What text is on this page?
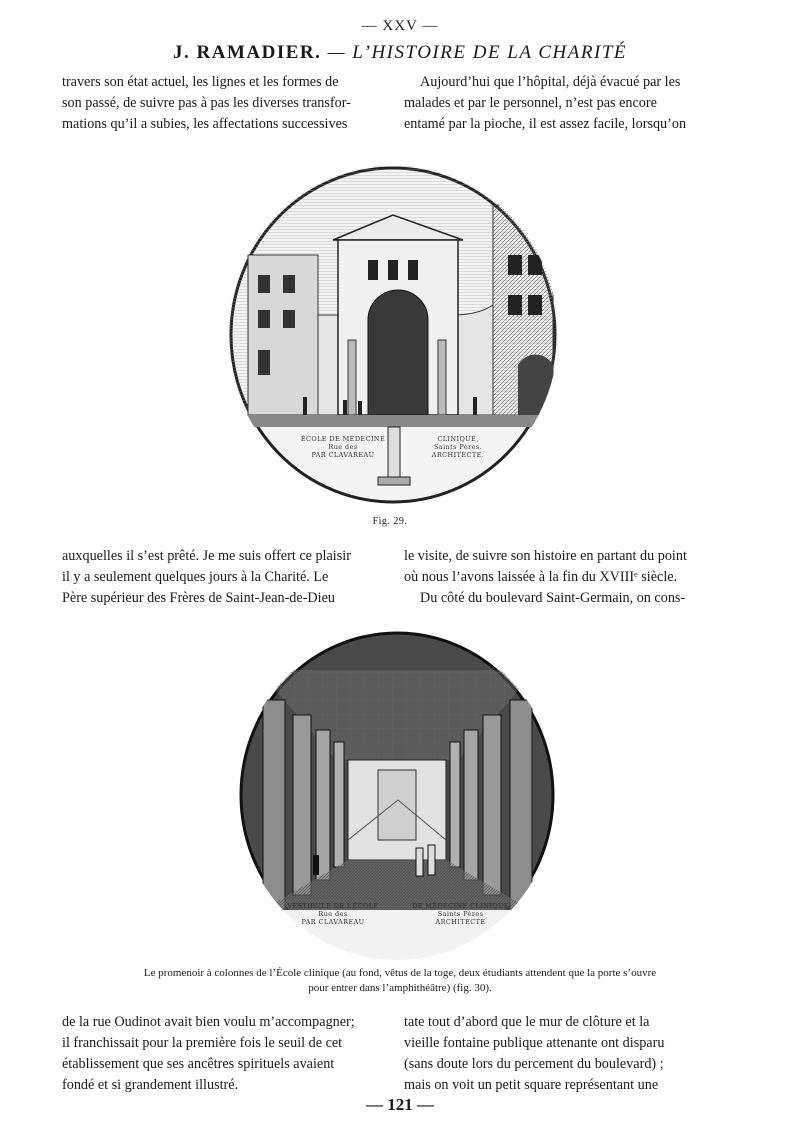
— XXV —
J. RAMADIER. — L’HISTOIRE DE LA CHARITÉ
travers son état actuel, les lignes et les formes de
son passé, de suivre pas à pas les diverses transfor-
mations qu’il a subies, les affectations successives
Aujourd’hui que l’hôpital, déjà évacué par les
malades et par le personnel, n’est pas encore
entamé par la pioche, il est assez facile, lorsqu’on
ÉCOLE DE MÉDECINE
Rue des
PAR CLAVAREAU
CLINIQUE,
Saints Pères.
ARCHITECTE.
Fig. 29.
auxquelles il s’est prêté. Je me suis offert ce plaisir
il y a seulement quelques jours à la Charité. Le
Père supérieur des Frères de Saint-Jean-de-Dieu
le visite, de suivre son histoire en partant du point
où nous l’avons laissée à la fin du XVIIIᵉ siècle.
Du côté du boulevard Saint-Germain, on cons-
VESTIBULE DE L’ÉCOLE
Rue des
PAR CLAVAREAU
DE MÉDECINE CLINIQUE
Saints Pères
ARCHITECTE
Le promenoir à colonnes de l’École clinique (au fond, vêtus de la toge, deux étudiants attendent que la porte s’ouvre
pour entrer dans l’amphithéâtre) (fig. 30).
de la rue Oudinot avait bien voulu m’accompagner;
il franchissait pour la première fois le seuil de cet
établissement que ses ancêtres spirituels avaient
fondé et si grandement illustré.
tate tout d’abord que le mur de clôture et la
vieille fontaine publique attenante ont disparu
(sans doute lors du percement du boulevard) ;
mais on voit un petit square représentant une
— 121 —
